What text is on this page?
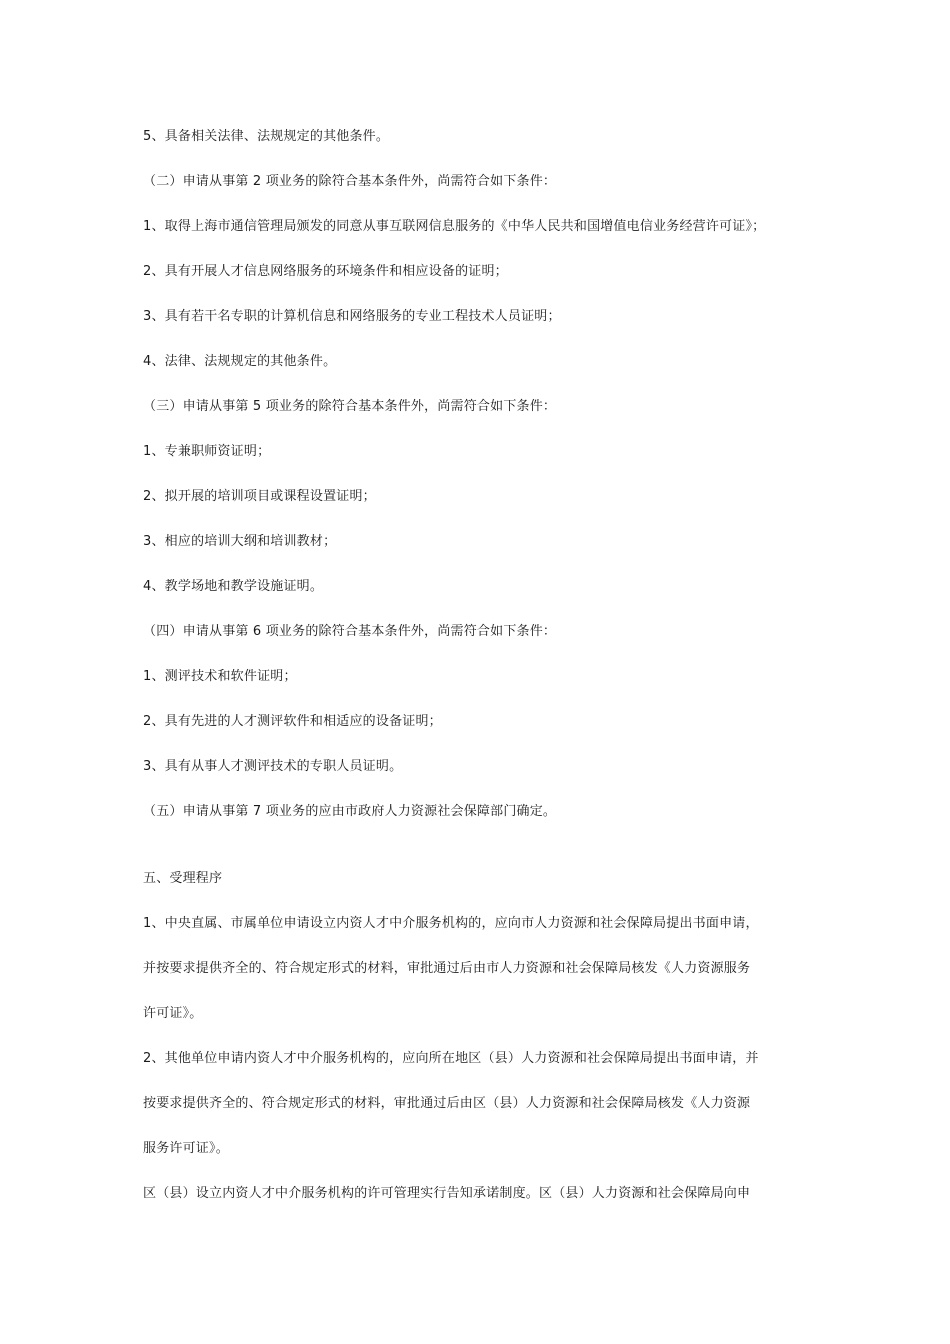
5、具备相关法律、法规规定的其他条件。
（二）申请从事第 2 项业务的除符合基本条件外，尚需符合如下条件：
1、取得上海市通信管理局颁发的同意从事互联网信息服务的《中华人民共和国增值电信业务经营许可证》；
2、具有开展人才信息网络服务的环境条件和相应设备的证明；
3、具有若干名专职的计算机信息和网络服务的专业工程技术人员证明；
4、法律、法规规定的其他条件。
（三）申请从事第 5 项业务的除符合基本条件外，尚需符合如下条件：
1、专兼职师资证明；
2、拟开展的培训项目或课程设置证明；
3、相应的培训大纲和培训教材；
4、教学场地和教学设施证明。
（四）申请从事第 6 项业务的除符合基本条件外，尚需符合如下条件：
1、测评技术和软件证明；
2、具有先进的人才测评软件和相适应的设备证明；
3、具有从事人才测评技术的专职人员证明。
（五）申请从事第 7 项业务的应由市政府人力资源社会保障部门确定。
五、受理程序
1、中央直属、市属单位申请设立内资人才中介服务机构的，应向市人力资源和社会保障局提出书面申请，
并按要求提供齐全的、符合规定形式的材料，审批通过后由市人力资源和社会保障局核发《人力资源服务
许可证》。
2、其他单位申请内资人才中介服务机构的，应向所在地区（县）人力资源和社会保障局提出书面申请，并
按要求提供齐全的、符合规定形式的材料，审批通过后由区（县）人力资源和社会保障局核发《人力资源
服务许可证》。
区（县）设立内资人才中介服务机构的许可管理实行告知承诺制度。区（县）人力资源和社会保障局向申
